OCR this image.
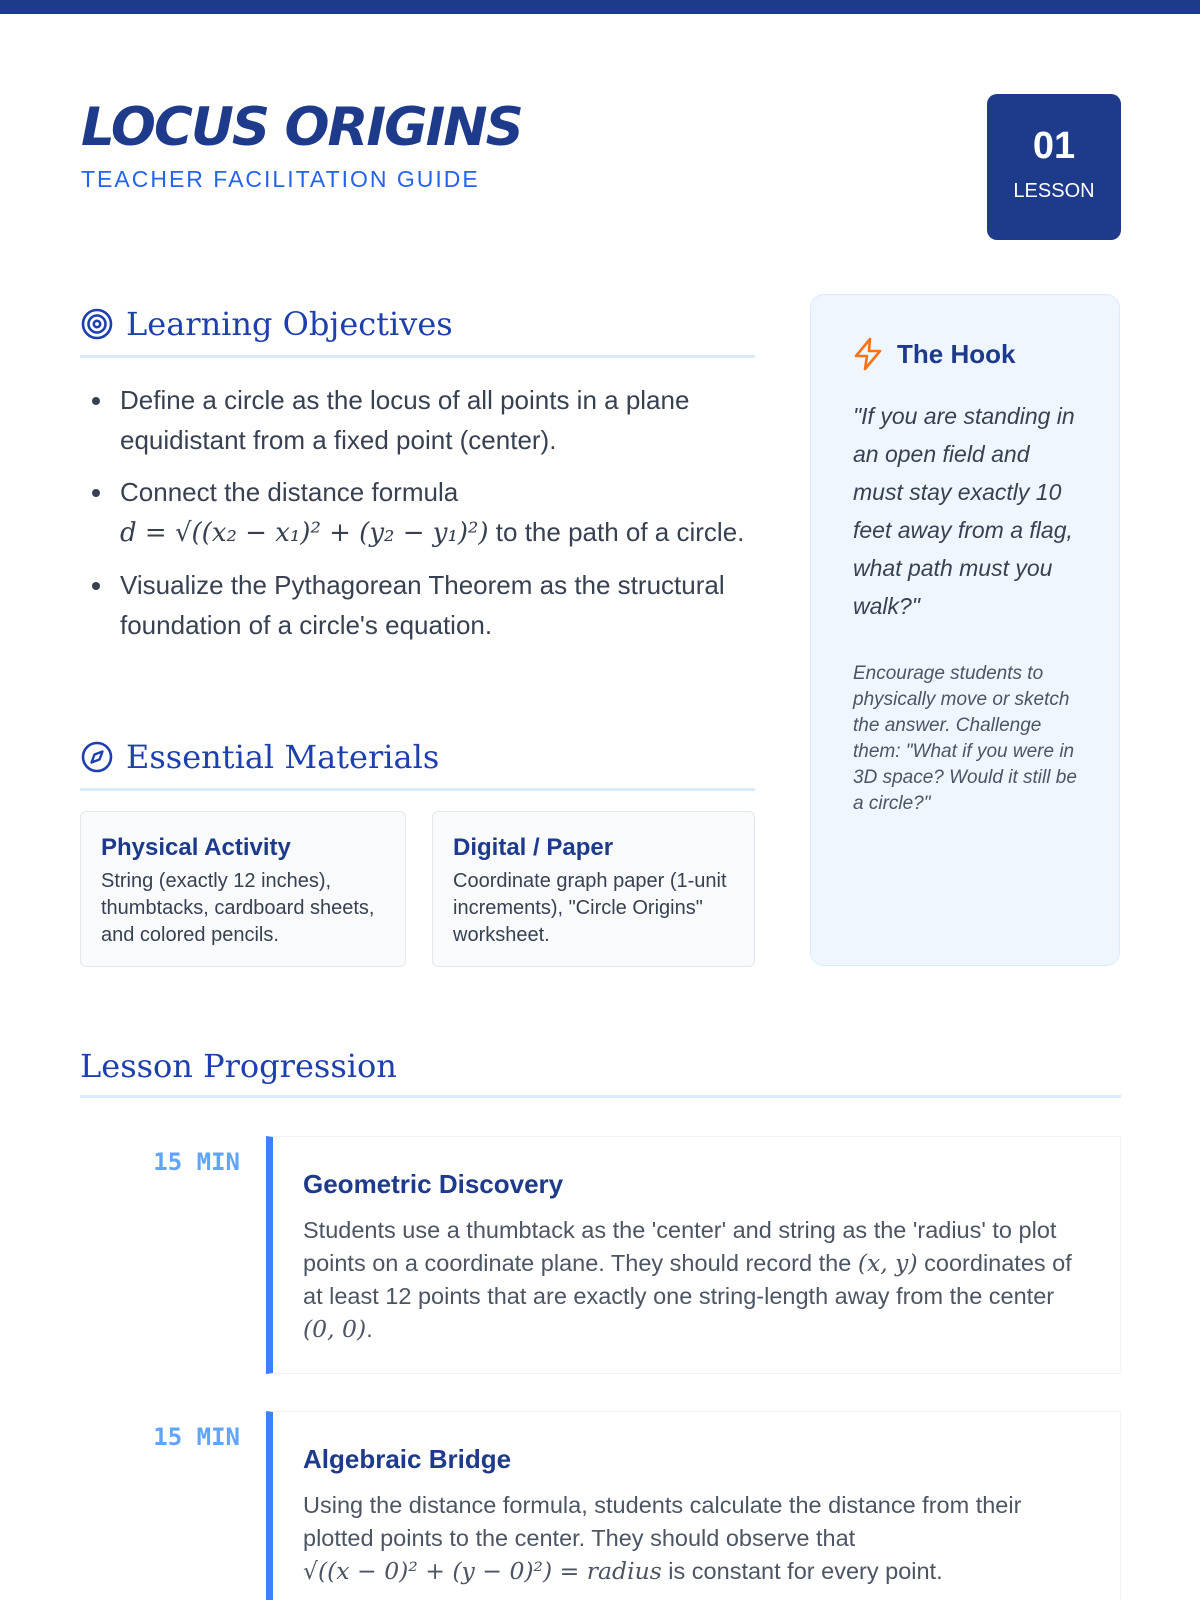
LOCUS ORIGINS
TEACHER FACILITATION GUIDE
01
LESSON
Learning Objectives
Define a circle as the locus of all points in a plane equidistant from a fixed point (center).
Connect the distance formula
d = √((x₂ − x₁)² + (y₂ − y₁)²) to the path of a circle.
Visualize the Pythagorean Theorem as the structural foundation of a circle's equation.
Essential Materials
Physical Activity
String (exactly 12 inches), thumbtacks, cardboard sheets, and colored pencils.
Digital / Paper
Coordinate graph paper (1-unit increments), "Circle Origins" worksheet.
The Hook
"If you are standing in an open field and must stay exactly 10 feet away from a flag, what path must you walk?"
Encourage students to physically move or sketch the answer. Challenge them: "What if you were in 3D space? Would it still be a circle?"
Lesson Progression
15 MIN
Geometric Discovery
Students use a thumbtack as the 'center' and string as the 'radius' to plot points on a coordinate plane. They should record the (x, y) coordinates of at least 12 points that are exactly one string-length away from the center (0, 0).
15 MIN
Algebraic Bridge
Using the distance formula, students calculate the distance from their plotted points to the center. They should observe that √((x − 0)² + (y − 0)²) = radius is constant for every point.
